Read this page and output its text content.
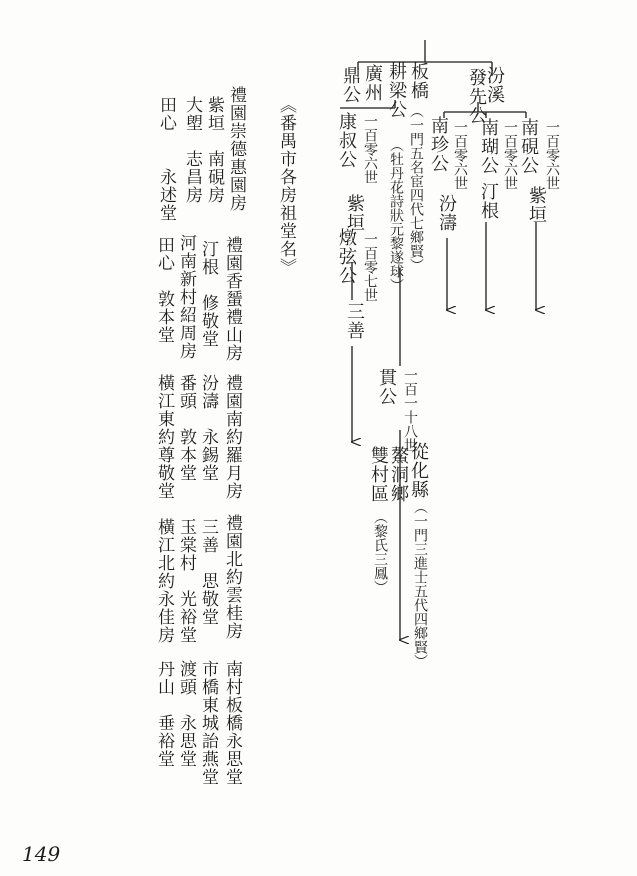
汾溪
發先公
南硯公 一百零六世
紫垣
南瑚公 一百零六世
汀根
南珍公 一百零六世
汾濤
板橋
（一門五名宦四代七鄉賢）
（牡丹花詩狀元黎遂球）
耕梁公
廣州
鼎公
康叔公 一百零六世
紫垣
燉弦公 一百零七世
三善
貫公 一百一十八世
從化縣
（一門三進士五代四鄉賢）
鰲洞鄉
雙村區
（黎氏三鳳）
《番禺市各房祖堂名》
禮園崇德惠園房
紫垣　南硯房
大塱　志昌房
田心　　永述堂
禮園香蜑禮山房
汀根　修敬堂
河南新村紹周房
田心
敦本堂
禮園南約羅月房
汾濤　永錫堂
番頭　敦本堂
橫江東約尊敬堂
禮園北約雲桂房
三善　思敬堂
玉棠村　光裕堂
橫江北約永佳房
南村板橋永思堂
市橋東城詒燕堂
渡頭　永思堂
丹山　垂裕堂
149
